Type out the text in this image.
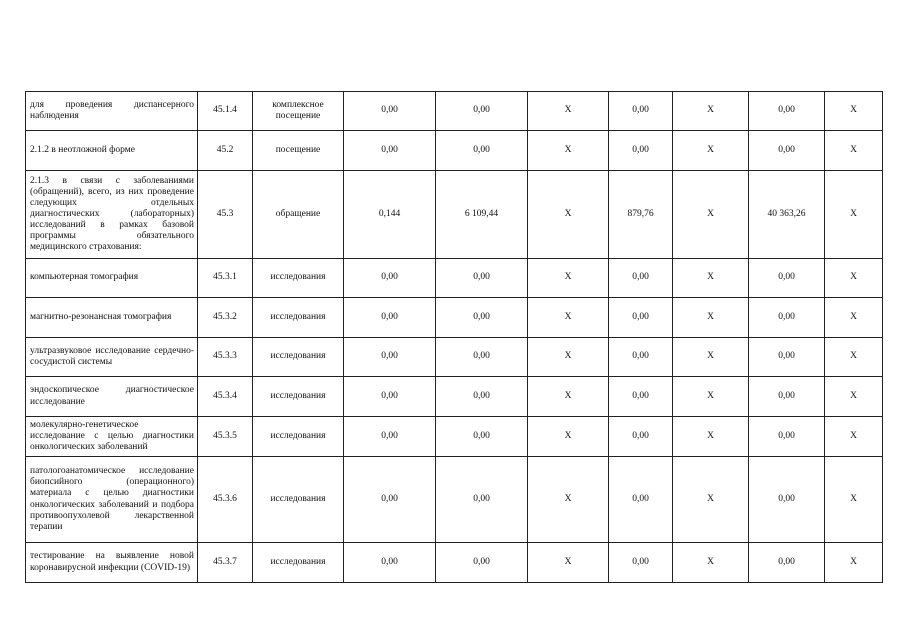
для проведения диспансерного наблюдения	45.1.4	комплексное посещение	0,00	0,00	X	0,00	X	0,00	X
2.1.2 в неотложной форме	45.2	посещение	0,00	0,00	X	0,00	X	0,00	X
2.1.3 в связи с заболеваниями (обращений), всего, из них проведение следующих отдельных диагностических (лабораторных) исследований в рамках базовой программы обязательного медицинского страхования:	45.3	обращение	0,144	6 109,44	X	879,76	X	40 363,26	X
компьютерная томография	45.3.1	исследования	0,00	0,00	X	0,00	X	0,00	X
магнитно-резонансная томография	45.3.2	исследования	0,00	0,00	X	0,00	X	0,00	X
ультразвуковое исследование сердечно-сосудистой системы	45.3.3	исследования	0,00	0,00	X	0,00	X	0,00	X
эндоскопическое диагностическое исследование	45.3.4	исследования	0,00	0,00	X	0,00	X	0,00	X
молекулярно-генетическое исследование с целью диагностики онкологических заболеваний	45.3.5	исследования	0,00	0,00	X	0,00	X	0,00	X
патологоанатомическое исследование биопсийного (операционного) материала с целью диагностики онкологических заболеваний и подбора противоопухолевой лекарственной терапии	45.3.6	исследования	0,00	0,00	X	0,00	X	0,00	X
тестирование на выявление новой коронавирусной инфекции (COVID-19)	45.3.7	исследования	0,00	0,00	X	0,00	X	0,00	X
